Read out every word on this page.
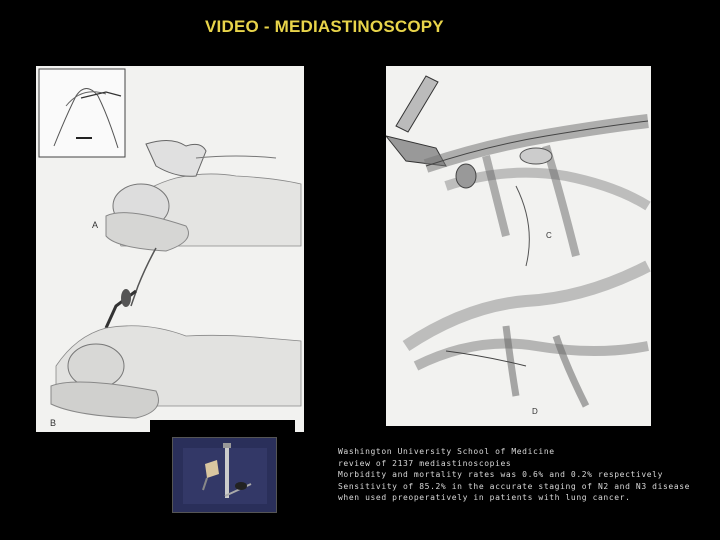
VIDEO - MEDIASTINOSCOPY
A
B
C
D
Washington University School of Medicine
review of 2137 mediastinoscopies
Morbidity and mortality rates was 0.6% and 0.2% respectively
Sensitivity of 85.2% in the accurate staging of N2 and N3 disease
when used preoperatively in patients with lung cancer.
